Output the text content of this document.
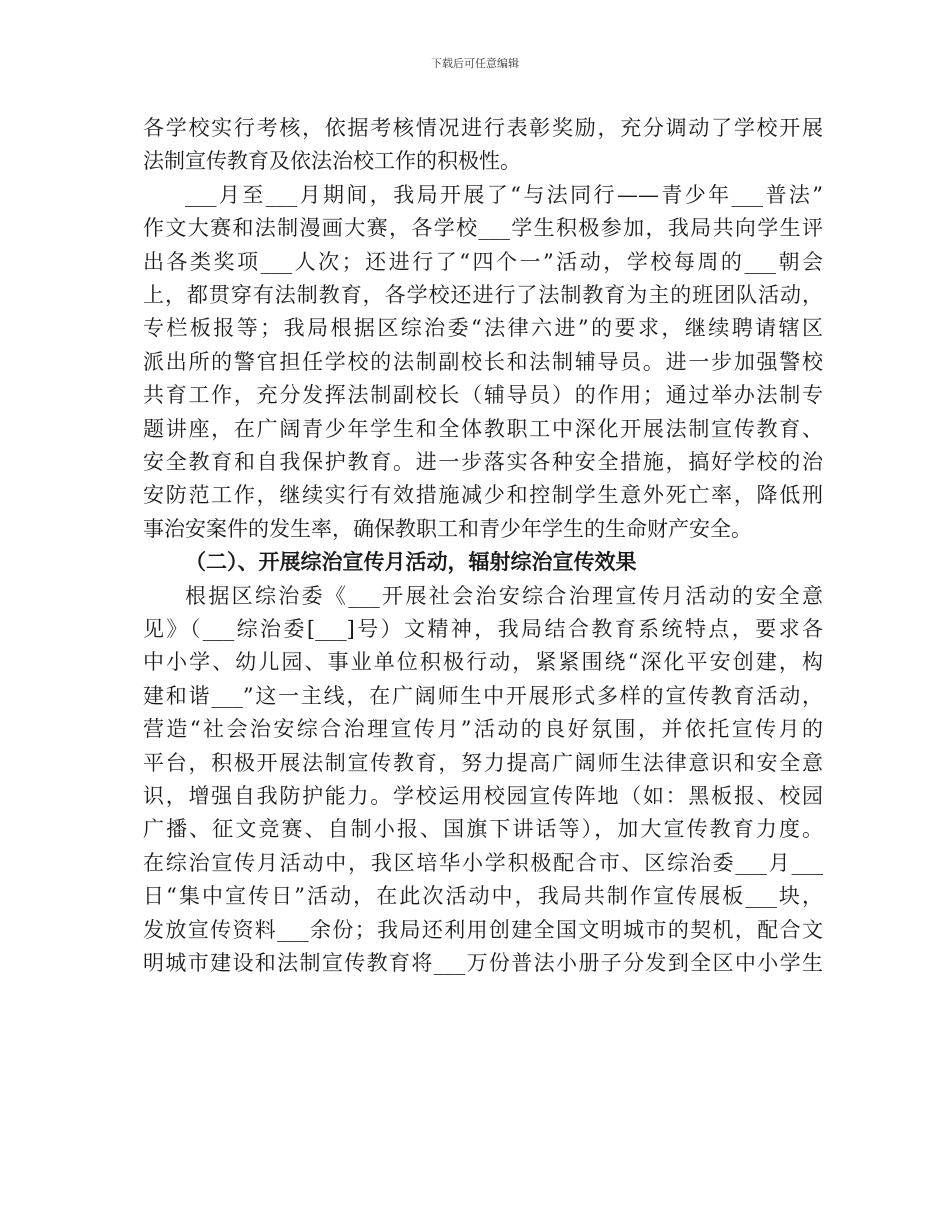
下载后可任意编辑
各学校实行考核，依据考核情况进行表彰奖励，充分调动了学校开展
法制宣传教育及依法治校工作的积极性。
___月至___月期间，我局开展了“与法同行——青少年___普法”
作文大赛和法制漫画大赛，各学校___学生积极参加，我局共向学生评
出各类奖项___人次；还进行了“四个一”活动，学校每周的___朝会
上，都贯穿有法制教育，各学校还进行了法制教育为主的班团队活动，
专栏板报等；我局根据区综治委“法律六进”的要求，继续聘请辖区
派出所的警官担任学校的法制副校长和法制辅导员。进一步加强警校
共育工作，充分发挥法制副校长（辅导员）的作用；通过举办法制专
题讲座，在广阔青少年学生和全体教职工中深化开展法制宣传教育、
安全教育和自我保护教育。进一步落实各种安全措施，搞好学校的治
安防范工作，继续实行有效措施减少和控制学生意外死亡率，降低刑
事治安案件的发生率，确保教职工和青少年学生的生命财产安全。
（二）、开展综治宣传月活动，辐射综治宣传效果
根据区综治委《___开展社会治安综合治理宣传月活动的安全意
见》（___综治委[___]号）文精神，我局结合教育系统特点，要求各
中小学、幼儿园、事业单位积极行动，紧紧围绕“深化平安创建，构
建和谐___”这一主线，在广阔师生中开展形式多样的宣传教育活动，
营造“社会治安综合治理宣传月”活动的良好氛围，并依托宣传月的
平台，积极开展法制宣传教育，努力提高广阔师生法律意识和安全意
识，增强自我防护能力。学校运用校园宣传阵地（如：黑板报、校园
广播、征文竞赛、自制小报、国旗下讲话等），加大宣传教育力度。
在综治宣传月活动中，我区培华小学积极配合市、区综治委___月___
日“集中宣传日”活动，在此次活动中，我局共制作宣传展板___块，
发放宣传资料___余份；我局还利用创建全国文明城市的契机，配合文
明城市建设和法制宣传教育将___万份普法小册子分发到全区中小学生
